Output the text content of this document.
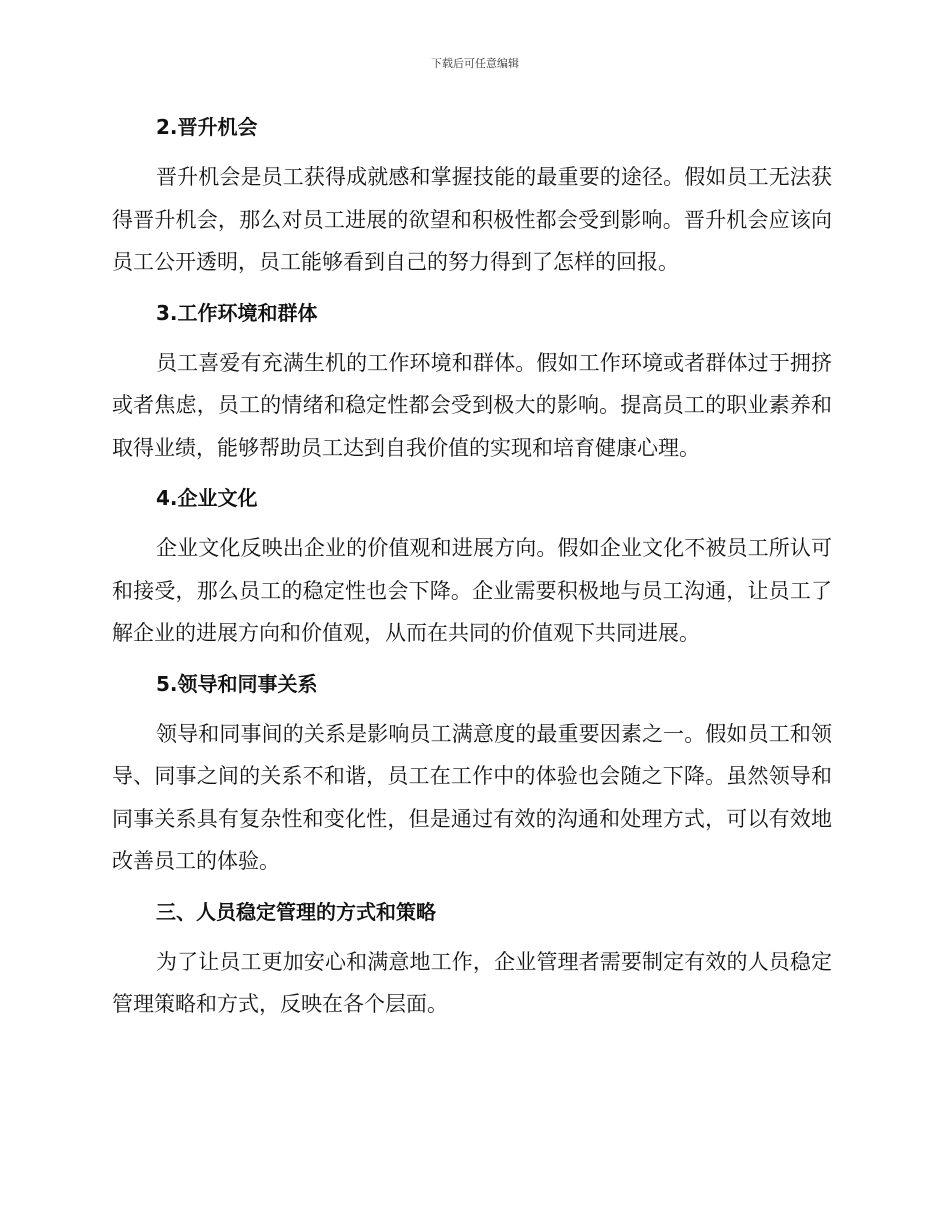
下载后可任意编辑
2.晋升机会
晋升机会是员工获得成就感和掌握技能的最重要的途径。假如员工无法获得晋升机会，那么对员工进展的欲望和积极性都会受到影响。晋升机会应该向员工公开透明，员工能够看到自己的努力得到了怎样的回报。
3.工作环境和群体
员工喜爱有充满生机的工作环境和群体。假如工作环境或者群体过于拥挤或者焦虑，员工的情绪和稳定性都会受到极大的影响。提高员工的职业素养和取得业绩，能够帮助员工达到自我价值的实现和培育健康心理。
4.企业文化
企业文化反映出企业的价值观和进展方向。假如企业文化不被员工所认可和接受，那么员工的稳定性也会下降。企业需要积极地与员工沟通，让员工了解企业的进展方向和价值观，从而在共同的价值观下共同进展。
5.领导和同事关系
领导和同事间的关系是影响员工满意度的最重要因素之一。假如员工和领导、同事之间的关系不和谐，员工在工作中的体验也会随之下降。虽然领导和同事关系具有复杂性和变化性，但是通过有效的沟通和处理方式，可以有效地改善员工的体验。
三、人员稳定管理的方式和策略
为了让员工更加安心和满意地工作，企业管理者需要制定有效的人员稳定管理策略和方式，反映在各个层面。
